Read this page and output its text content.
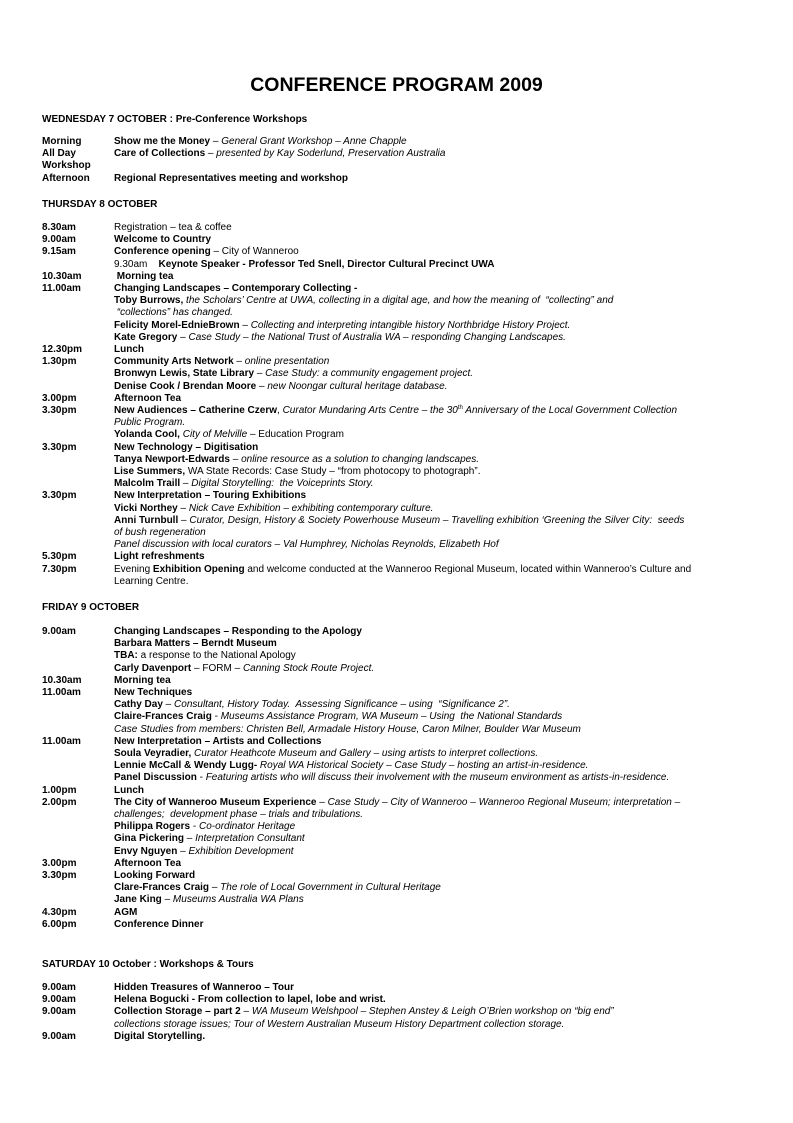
CONFERENCE PROGRAM 2009
WEDNESDAY 7 OCTOBER : Pre-Conference Workshops
Morning	Show me the Money – General Grant Workshop – Anne Chapple
All Day	Care of Collections – presented by Kay Soderlund, Preservation Australia
Workshop

Afternoon Regional Representatives meeting and workshop
THURSDAY 8 OCTOBER
8.30am	Registration – tea & coffee
9.00am	Welcome to Country
9.15am	Conference opening – City of Wanneroo
9.30am    Keynote Speaker - Professor Ted Snell, Director Cultural Precinct UWA
10.30am	Morning tea
11.00am	Changing Landscapes – Contemporary Collecting -
Toby Burrows, the Scholars’ Centre at UWA, collecting in a digital age, and how the meaning of  “collecting” and
“collections” has changed.
Felicity Morel-EdnieBrown – Collecting and interpreting intangible history Northbridge History Project.
Kate Gregory – Case Study – the National Trust of Australia WA – responding Changing Landscapes.
12.30pm	Lunch
1.30pm	Community Arts Network – online presentation
Bronwyn Lewis, State Library – Case Study: a community engagement project.
Denise Cook / Brendan Moore – new Noongar cultural heritage database.
3.00pm	Afternoon Tea
3.30pm	New Audiences – Catherine Czerw, Curator Mundaring Arts Centre – the 30th Anniversary of the Local Government Collection
Public Program.
Yolanda Cool, City of Melville – Education Program
3.30pm	New Technology – Digitisation
Tanya Newport-Edwards – online resource as a solution to changing landscapes.
Lise Summers, WA State Records: Case Study – “from photocopy to photograph”.
Malcolm Traill – Digital Storytelling:  the Voiceprints Story.
3.30pm	New Interpretation – Touring Exhibitions
Vicki Northey – Nick Cave Exhibition – exhibiting contemporary culture.
Anni Turnbull – Curator, Design, History & Society Powerhouse Museum – Travelling exhibition ‘Greening the Silver City:  seeds
of bush regeneration
Panel discussion with local curators – Val Humphrey, Nicholas Reynolds, Elizabeth Hof
5.30pm	Light refreshments
7.30pm	Evening Exhibition Opening and welcome conducted at the Wanneroo Regional Museum, located within Wanneroo’s Culture and
Learning Centre.
FRIDAY 9 OCTOBER
9.00am	Changing Landscapes – Responding to the Apology
Barbara Matters – Berndt Museum
TBA: a response to the National Apology
Carly Davenport – FORM – Canning Stock Route Project.
10.30am	Morning tea
11.00am	New Techniques
Cathy Day – Consultant, History Today.  Assessing Significance – using  “Significance 2”.
Claire-Frances Craig - Museums Assistance Program, WA Museum – Using  the National Standards
Case Studies from members: Christen Bell, Armadale History House, Caron Milner, Boulder War Museum
11.00am	New Interpretation – Artists and Collections
Soula Veyradier, Curator Heathcote Museum and Gallery – using artists to interpret collections.
Lennie McCall & Wendy Lugg- Royal WA Historical Society – Case Study – hosting an artist-in-residence.
Panel Discussion - Featuring artists who will discuss their involvement with the museum environment as artists-in-residence.
1.00pm	Lunch
2.00pm	The City of Wanneroo Museum Experience – Case Study – City of Wanneroo – Wanneroo Regional Museum; interpretation –
challenges;  development phase – trials and tribulations.
Philippa Rogers - Co-ordinator Heritage
Gina Pickering – Interpretation Consultant
Envy Nguyen – Exhibition Development
3.00pm	Afternoon Tea
3.30pm	Looking Forward
Clare-Frances Craig – The role of Local Government in Cultural Heritage
Jane King – Museums Australia WA Plans
4.30pm	AGM
6.00pm	Conference Dinner
SATURDAY 10 October : Workshops & Tours
9.00am	Hidden Treasures of Wanneroo – Tour
9.00am	Helena Bogucki - From collection to lapel, lobe and wrist.
9.00am	Collection Storage – part 2 – WA Museum Welshpool – Stephen Anstey & Leigh O’Brien workshop on “big end”
collections storage issues; Tour of Western Australian Museum History Department collection storage.
9.00am	Digital Storytelling.
